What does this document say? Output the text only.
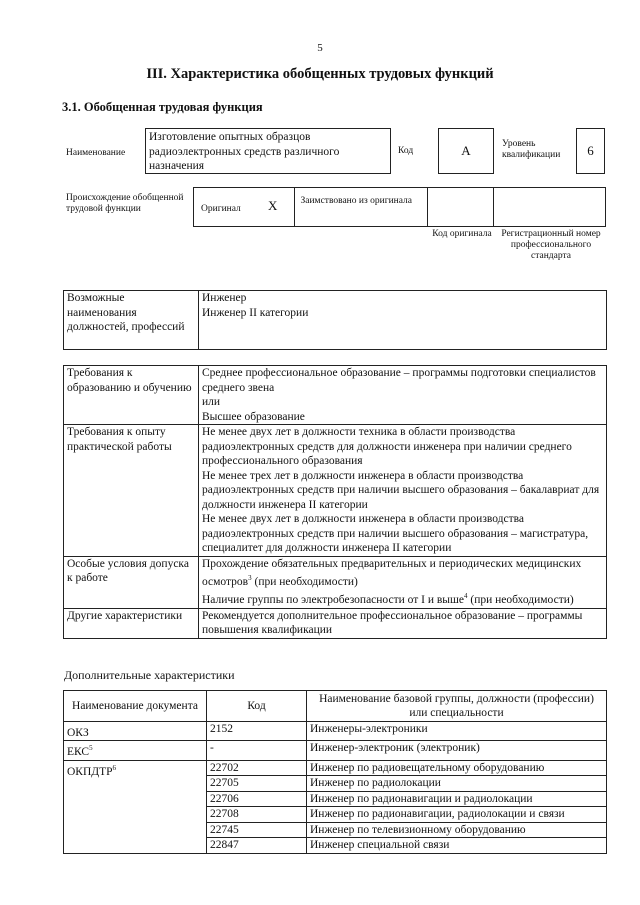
5
III. Характеристика обобщенных трудовых функций
3.1. Обобщенная трудовая функция
Наименование
Изготовление опытных образцов радиоэлектронных средств различного назначения
Код	А	Уровень квалификации	6
Происхождение обобщенной трудовой функции	Оригинал X	Заимствовано из оригинала
Код оригинала	Регистрационный номер профессионального стандарта
Возможные наименования должностей, профессий	
Инженер
Инженер II категории
Требования к образованию и обучению	Среднее профессиональное образование – программы подготовки специалистов среднего звена
или
Высшее образование

Требования к опыту практической работы	Не менее двух лет в должности техника в области производства радиоэлектронных средств для должности инженера при наличии среднего профессионального образования
Не менее трех лет в должности инженера в области производства радиоэлектронных средств при наличии высшего образования – бакалавриат для должности инженера II категории
Не менее двух лет в должности инженера в области производства радиоэлектронных средств при наличии высшего образования – магистратура, специалитет для должности инженера II категории

Особые условия допуска к работе	Прохождение обязательных предварительных и периодических медицинских осмотров$^3$ (при необходимости)
Наличие группы по электробезопасности от I и выше$^4$ (при необходимости)

Другие характеристики	Рекомендуется дополнительное профессиональное образование – программы повышения квалификации
Дополнительные характеристики
Наименование документа	Код	Наименование базовой группы, должности (профессии) или специальности
ОКЗ	2152	Инженеры-электроники
ЕКС$^5$	-	Инженер-электроник (электроник)
ОКПДТР$^6$	22702	Инженер по радиовещательному оборудованию
	22705	Инженер по радиолокации
	22706	Инженер по радионавигации и радиолокации
	22708	Инженер по радионавигации, радиолокации и связи
	22745	Инженер по телевизионному оборудованию
	22847	Инженер специальной связи
